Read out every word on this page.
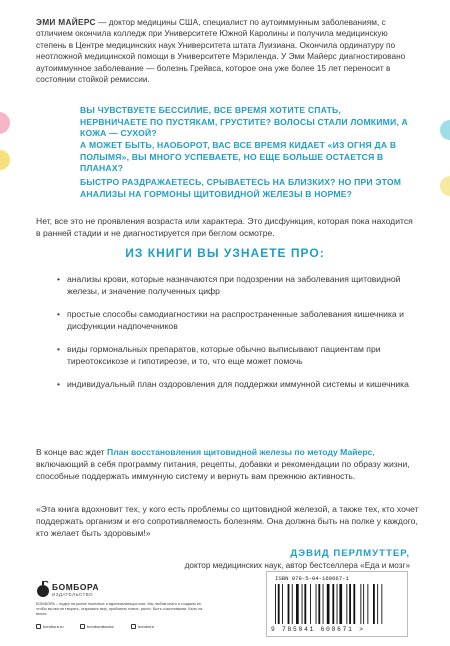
ЭМИ МАЙЕРС — доктор медицины США, специалист по аутоиммунным заболеваниям, с отличием окончила колледж при Университете Южной Каролины и получила медицинскую степень в Центре медицинских наук Университета штата Луизиана. Окончила ординатуру по неотложной медицинской помощи в Университете Мэриленда. У Эми Майерс диагностировано аутоиммунное заболевание — болезнь Грейвса, которое она уже более 15 лет переносит в состоянии стойкой ремиссии.

ВЫ ЧУВСТВУЕТЕ БЕССИЛИЕ, ВСЕ ВРЕМЯ ХОТИТЕ СПАТЬ, НЕРВНИЧАЕТЕ ПО ПУСТЯКАМ, ГРУСТИТЕ? ВОЛОСЫ СТАЛИ ЛОМКИМИ, А КОЖА — СУХОЙ?

А МОЖЕТ БЫТЬ, НАОБОРОТ, ВАС ВСЕ ВРЕМЯ КИДАЕТ «ИЗ ОГНЯ ДА В ПОЛЫМЯ», ВЫ МНОГО УСПЕВАЕТЕ, НО ЕЩЕ БОЛЬШЕ ОСТАЕТСЯ В ПЛАНАХ?

БЫСТРО РАЗДРАЖАЕТЕСЬ, СРЫВАЕТЕСЬ НА БЛИЗКИХ? НО ПРИ ЭТОМ АНАЛИЗЫ НА ГОРМОНЫ ЩИТОВИДНОЙ ЖЕЛЕЗЫ В НОРМЕ?

Нет, все это не проявления возраста или характера. Это дисфункция, которая пока находится в ранней стадии и не диагностируется при беглом осмотре.

ИЗ КНИГИ ВЫ УЗНАЕТЕ ПРО:
• анализы крови, которые назначаются при подозрении на заболевания щитовидной железы, и значение полученных цифр
• простые способы самодиагностики на распространенные заболевания кишечника и дисфункции надпочечников
• виды гормональных препаратов, которые обычно выписывают пациентам при тиреотоксикозе и гипотиреозе, и то, что еще может помочь
• индивидуальный план оздоровления для поддержки иммунной системы и кишечника

В конце вас ждет План восстановления щитовидной железы по методу Майерс, включающий в себя программу питания, рецепты, добавки и рекомендации по образу жизни, способные поддержать иммунную систему и вернуть вам прежнюю активность.

«Эта книга вдохновит тех, у кого есть проблемы со щитовидной железой, а также тех, кто хочет поддержать организм и его сопротивляемость болезням. Она должна быть на полке у каждого, кто желает быть здоровым!»

ДЭВИД ПЕРЛМУТТЕР,
доктор медицинских наук, автор бестселлера «Еда и мозг»
БОМБОРА
ИЗДАТЕЛЬСТВО

БОМБОРА – лидер на рынке полезных и вдохновляющих книг. Мы любим книги и создаем их, чтобы вы могли творить, открывать мир, пробовать новое, расти. Быть счастливыми. Быть на волне.

bombora.ru	bomborabooks	bombora
ISBN 978-5-04-160667-1
9 785041 608671 >
